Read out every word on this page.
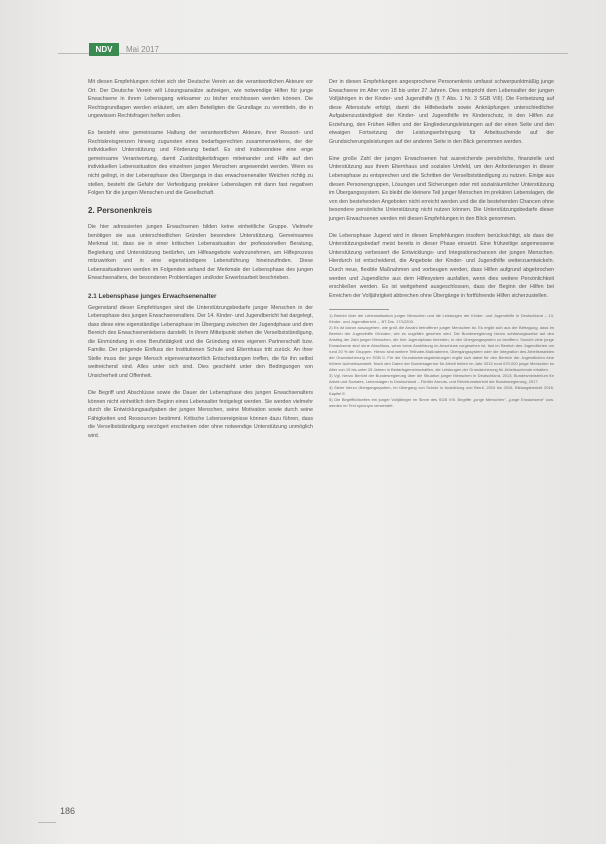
NDV	Mai 2017

Mit diesen Empfehlungen richtet sich der Deutsche Verein an die verantwortlichen Akteure vor Ort. Der Deutsche Verein will Lösungsansätze aufzeigen, wie notwendige Hilfen für junge Erwachsene in ihrem Lebensgang wirksamer zu bisher erschlossen werden können. Die Rechtsgrundlagen werden erläutert, um allen Beteiligten die Grundlage zu vermitteln, die in ungewissen Rechtsfragen helfen sollen.

Es besteht eine gemeinsame Haltung der verantwortlichen Akteure, ihrer Ressort- und Rechtskreisgrenzen hinweg zugunsten eines bedarfsgerechten zusammenwirkens, der der individuellen Unterstützung und Förderung bedarf. Es sind insbesondere eine enge gemeinsame Verantwortung, damit Zuständigkeitsfragen miteinander und Hilfe auf den individuellen Lebenssituation des einzelnen jungen Menschen angewendet werden. Wenn es nicht gelingt, in der Lebensphase des Übergangs in das erwachsenenalter Weichen richtig zu stellen, besteht die Gefahr der Verfestigung prekärer Lebenslagen mit dann fast negativen Folgen für die jungen Menschen und die Gesellschaft.

2. Personenkreis

Die hier adressierten jungen Erwachsenen bilden keine einheitliche Gruppe. Vielmehr benötigen sie aus unterschiedlichen Gründen besondere Unterstützung. Gemeinsames Merkmal ist, dass sie in einer kritischen Lebenssituation der professionellen Beratung, Begleitung und Unterstützung bedürfen, um Hilfeangebote wahrzunehmen, am Hilfeprozess mitzuwirken und in eine eigenständigere Lebensführung hineinzufinden. Diese Lebenssituationen werden im Folgenden anhand der Merkmale der Lebensphase des jungen Erwachsenalters, der besonderen Problemlagen und/oder Erwerbsarbeit beschrieben.

2.1 Lebensphase junges Erwachsenenalter

Gegenstand dieser Empfehlungen sind die Unterstützungsbedarfe junger Menschen in der Lebensphase des jungen Erwachsenenalters. Der 14. Kinder- und Jugendbericht hat dargelegt, dass diese eine eigenständige Lebensphase im Übergang zwischen der Jugendphase und dem Bereich des Erwachsenenlebens darstellt. In ihrem Mittelpunkt stehen die Verselbstständigung, die Einmündung in eine Berufstätigkeit und die Gründung eines eigenen Partnerschaft bzw. Familie. Der prägende Einfluss der Institutionen Schule und Elternhaus tritt zurück. An ihrer Stelle muss der junge Mensch eigenverantwortlich Entscheidungen treffen, die für ihn selbst weitreichend sind. Alles unter sich sind. Dies geschieht unter den Bedingungen von Unsicherheit und Offenheit.

Die Begriff und Abschlüsse sowie die Dauer der Lebensphase des jungen Erwachsenalters können nicht einheitlich dem Beginn eines Lebensalter festgelegt werden. Sie werden vielmehr durch die Entwicklungsaufgaben der jungen Menschen, seine Motivation sowie durch seine Fähigkeiten und Ressourcen bestimmt. Kritische Lebensereignisse können dazu führen, dass die Verselbstständigung verzögert erscheinen oder ohne notwendige Unterstützung unmöglich wird.

Der in diesen Empfehlungen angesprochene Personenkreis umfasst schwerpunktmäßig junge Erwachsene im Alter von 18 bis unter 27 Jahren. Dies entspricht dem Lebensalter der jungen Volljährigen in der Kinder- und Jugendhilfe (§ 7 Abs. 1 Nr. 3 SGB VIII). Die Fortsetzung auf diese Altersstufe erfolgt, damit die Hilfebedarfe sowie Anknüpfungen unterschiedlicher Aufgabenzuständigkeit der Kinder- und Jugendhilfe im Kinderschutz, in den Hilfen zur Erziehung, den Frühen Hilfen und der Eingliederungsleistungen auf der einen Seite und den etwaigen Fortsetzung der Leistungserbringung für Arbeitsuchende auf der Grundsicherungsleistungen auf der anderen Seite in den Blick genommen werden.

Eine große Zahl der jungen Erwachsenen hat ausreichende persönliche, finanzielle und Unterstützung aus ihrem Elternhaus und sozialen Umfeld, um den Anforderungen in dieser Lebensphase zu entsprechen und die Schritten der Verselbstständigung zu nutzen. Einige aus diesen Personengruppen, Lösungen und Sicherungen oder mit sozialräumlicher Unterstützung im Übergangssystem. Es bleibt die kleinere Teil junger Menschen im prekären Lebenslagen, die von den bestehenden Angeboten nicht erreicht werden und die die bestehenden Chancen ohne besondere persönliche Unterstützung nicht nutzen können. Die Unterstützungsbedarfe dieser jungen Erwachsenen werden mit diesen Empfehlungen in den Blick genommen.

Die Lebensphase Jugend wird in diesen Empfehlungen insofern berücksichtigt, als dass der Unterstützungsbedarf meist bereits in dieser Phase einsetzt. Eine frühzeitige angemessene Unterstützung verbessert die Entwicklungs- und Integrationschancen der jungen Menschen. Hierdurch ist entscheidend, die Angebote der Kinder- und Jugendhilfe weiterzuentwickeln. Durch neue, flexible Maßnahmen und vorbeugen werden, dass Hilfen aufgrund abgebrochen werden und Jugendliche aus dem Hilfesystem ausfallen, wenn dies weitere Persönlichkeit erschließen werden. Es ist weitgehend ausgeschlossen, dass der Beginn der Hilfen bei Erreichen der Volljährigkeit abbrechen ohne Übergänge in fortführende Hilfen sicherzustellen.

1) Bericht über die Lebenssituation junger Menschen und die Leistungen der Kinder- und Jugendhilfe in Deutschland – 14. Kinder- und Jugendbericht –, BT-Drs. 17/12200.

2) Es ist davon auszugehen, wie groß die Anzahl betroffener junger Menschen ist. Es ergibt sich aus der Befragung, dass im Bereich der Jugendhilfe Gründen, wie es ungefähr gesehen wird. Die Bundesregierung hierzu schätzungsweise auf den Anstieg der Zahl junger Menschen, die ihre Jugendphase beenden, in den Übergangssystem zu beziffern. Sowohl viele junge Erwachsene sind ohne Abschluss, wenn keine Ausbildung im Anschluss vorgesehen ist, fast im Bereich des Jugendlichen um rund 20 % der Gruppen. Hierzu sind weitere Teilhabe-Maßnahmen, Übergangssystem oder die Integration des Arbeitsmarktes der Grundsicherung im SGB II. Für die Grundsicherungsleistungen ergibt sich dabei für den Bereich der Jugendlichen eine höhere Aufmerksamkeit. Nach den Daten der Bundesagentur für Arbeit lebten im Jahr 2015 rund 670.000 junge Menschen im Alter von 15 bis unter 25 Jahren in Bedarfsgemeinschaften, die Leistungen der Grundsicherung für Arbeitsuchende erhalten.

3) Vgl. hierzu Bericht der Bundesregierung über die Situation junger Menschen in Deutschland, 2013; Bundesministerium für Arbeit und Soziales, Lebenslagen in Deutschland – Fünfter Armuts- und Reichtumsbericht der Bundesregierung, 2017.

4) Siehe hierzu Übergangssystem, im Übergang von Schule in Ausbildung und Beruf, 2015 bis 2016, Bildungsbericht 2016, Kapitel E.

5) Die Begrifflichkeiten ein junger Volljähriger im Sinne des SGB VIII. Begriffe „junge Menschen“, „junge Erwachsene“ usw. werden im Text synonym verwendet.

186
